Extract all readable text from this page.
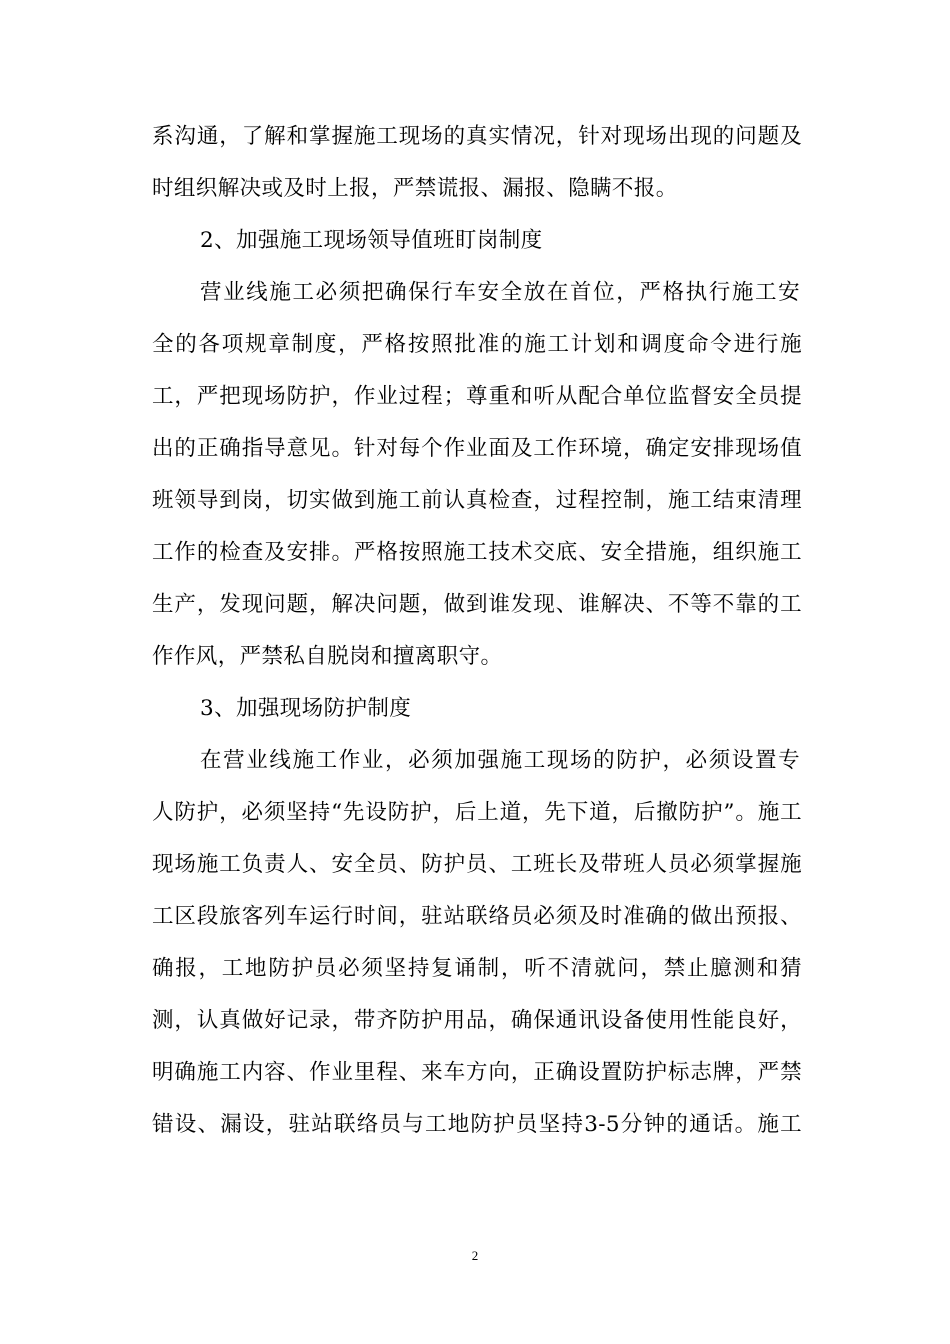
系沟通，了解和掌握施工现场的真实情况，针对现场出现的问题及
时组织解决或及时上报，严禁谎报、漏报、隐瞒不报。
2、加强施工现场领导值班盯岗制度
营业线施工必须把确保行车安全放在首位，严格执行施工安
全的各项规章制度，严格按照批准的施工计划和调度命令进行施
工，严把现场防护，作业过程；尊重和听从配合单位监督安全员提
出的正确指导意见。针对每个作业面及工作环境，确定安排现场值
班领导到岗，切实做到施工前认真检查，过程控制，施工结束清理
工作的检查及安排。严格按照施工技术交底、安全措施，组织施工
生产，发现问题，解决问题，做到谁发现、谁解决、不等不靠的工
作作风，严禁私自脱岗和擅离职守。
3、加强现场防护制度
在营业线施工作业，必须加强施工现场的防护，必须设置专
人防护，必须坚持“先设防护，后上道，先下道，后撤防护”。施工
现场施工负责人、安全员、防护员、工班长及带班人员必须掌握施
工区段旅客列车运行时间，驻站联络员必须及时准确的做出预报、
确报，工地防护员必须坚持复诵制，听不清就问，禁止臆测和猜
测，认真做好记录，带齐防护用品，确保通讯设备使用性能良好，
明确施工内容、作业里程、来车方向，正确设置防护标志牌，严禁
错设、漏设，驻站联络员与工地防护员坚持3-5分钟的通话。施工
2
